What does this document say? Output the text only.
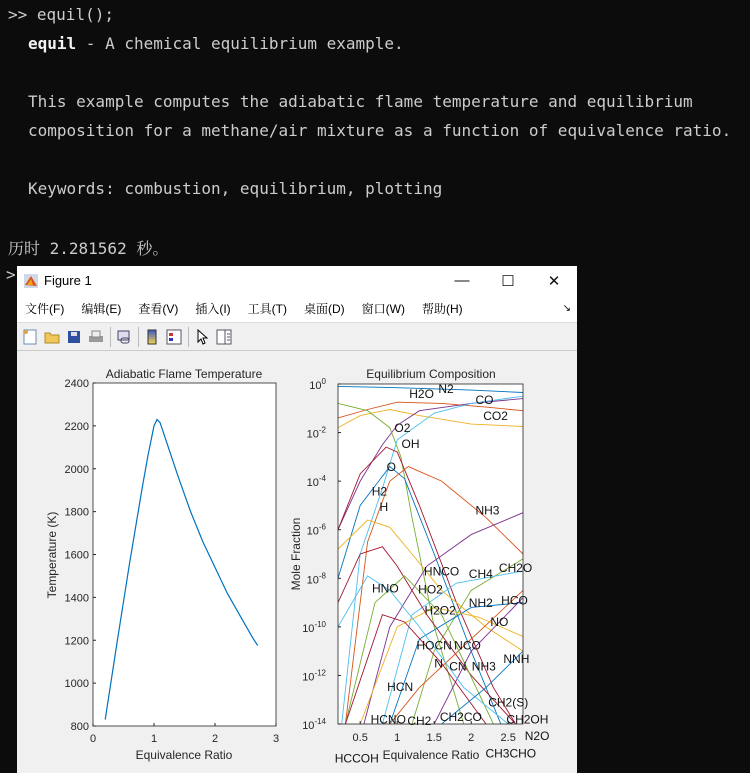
>> equil();
equil - A chemical equilibrium example.
This example computes the adiabatic flame temperature and equilibrium
composition for a methane/air mixture as a function of equivalence ratio.
Keywords: combustion, equilibrium, plotting
历时 2.281562 秒。
> Figure 1	—	☐	✕
文件(F) 编辑(E) 查看(V) 插入(I) 工具(T) 桌面(D) 窗口(W) 帮助(H)	↘
0	1	2	3
800
1000
1200
1400
1600
1800
2000
2200
2400
Adiabatic Flame Temperature
Equivalence Ratio
Temperature (K)
0.5 1 1.5 2 2.5
$10^0$
$10^{-2}$
$10^{-4}$
$10^{-6}$
$10^{-8}$
$10^{-10}$
$10^{-12}$
$10^{-14}$
Equilibrium Composition
Equivalence Ratio
Mole Fraction
N2
H2O	CO
CO2
O2
OH
O
H2
H	NH3
HNCO CH4 CH2O
HNO HO2
NH2 HCO
H2O2
NO
HOCN NCO
CN NH3
N	NNH
HCN
CH2CO
CH2	CH2OH
HCNO
CH3CHO
N2O
HCCOH
CH2(S)
